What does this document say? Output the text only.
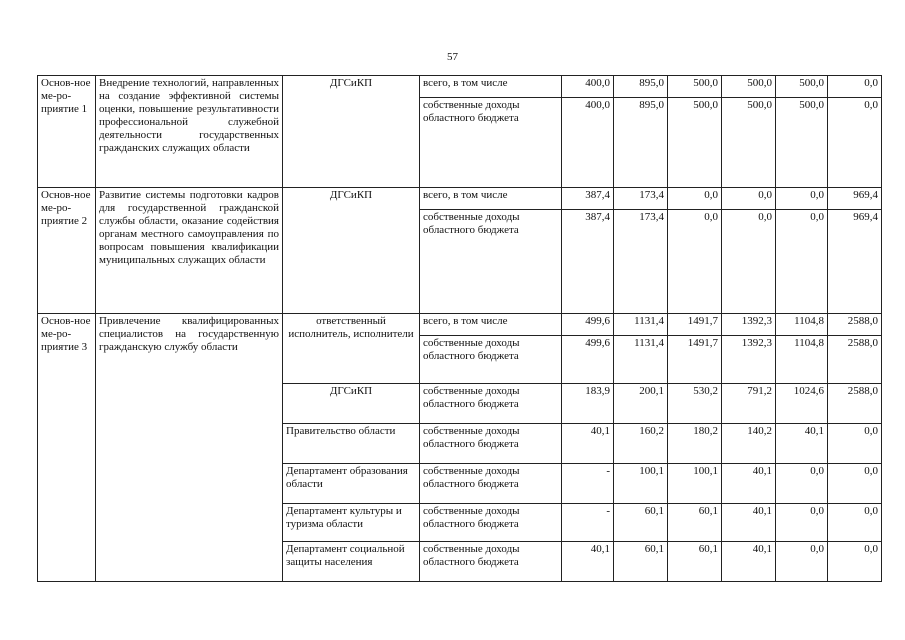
57
Основ-ное ме-ро-приятие 1	Внедрение технологий, направленных на создание эффективной системы оценки, повышение результативности профессиональной служебной деятельности государственных гражданских служащих области	ДГСиКП	всего, в том числе	400,0	895,0	500,0	500,0	500,0	0,0
			собственные доходы областного бюджета	400,0	895,0	500,0	500,0	500,0	0,0
Основ-ное ме-ро-приятие 2	Развитие системы подготовки кадров для государственной гражданской службы области, оказание содействия органам местного самоуправления по вопросам повышения квалификации муниципальных служащих области	ДГСиКП	всего, в том числе	387,4	173,4	0,0	0,0	0,0	969,4
			собственные доходы областного бюджета	387,4	173,4	0,0	0,0	0,0	969,4
Основ-ное ме-ро-приятие 3	Привлечение квалифицированных специалистов на государственную гражданскую службу области	ответственный исполнитель, исполнители	всего, в том числе	499,6	1131,4	1491,7	1392,3	1104,8	2588,0
			собственные доходы областного бюджета	499,6	1131,4	1491,7	1392,3	1104,8	2588,0
		ДГСиКП	собственные доходы областного бюджета	183,9	200,1	530,2	791,2	1024,6	2588,0
		Правительство области	собственные доходы областного бюджета	40,1	160,2	180,2	140,2	40,1	0,0
		Департамент образования области	собственные доходы областного бюджета	-	100,1	100,1	40,1	0,0	0,0
		Департамент культуры и туризма области	собственные доходы областного бюджета	-	60,1	60,1	40,1	0,0	0,0
		Департамент социальной защиты населения	собственные доходы областного бюджета	40,1	60,1	60,1	40,1	0,0	0,0
